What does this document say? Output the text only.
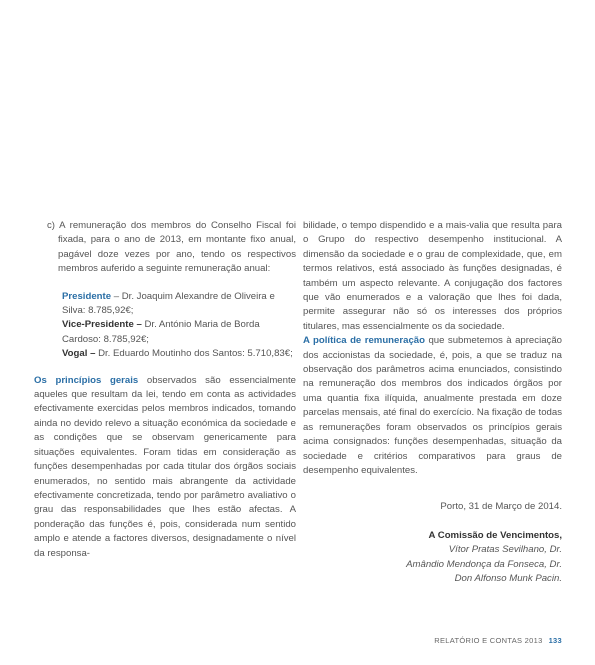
c) A remuneração dos membros do Conselho Fiscal foi fixada, para o ano de 2013, em montante fixo anual, pagável doze vezes por ano, tendo os respectivos membros auferido a seguinte remuneração anual:

Presidente – Dr. Joaquim Alexandre de Oliveira e Silva: 8.785,92€;

Vice-Presidente – Dr. António Maria de Borda Cardoso: 8.785,92€;

Vogal – Dr. Eduardo Moutinho dos Santos: 5.710,83€;

Os princípios gerais observados são essencialmente aqueles que resultam da lei, tendo em conta as actividades efectivamente exercidas pelos membros indicados, tomando ainda no devido relevo a situação económica da sociedade e as condições que se observam genericamente para situações equivalentes. Foram tidas em consideração as funções desempenhadas por cada titular dos órgãos sociais enumerados, no sentido mais abrangente da actividade efectivamente concretizada, tendo por parâmetro avaliativo o grau das responsabilidades que lhes estão afectas. A ponderação das funções é, pois, considerada num sentido amplo e atende a factores diversos, designadamente o nível da responsa-

bilidade, o tempo dispendido e a mais-valia que resulta para o Grupo do respectivo desempenho institucional. A dimensão da sociedade e o grau de complexidade, que, em termos relativos, está associado às funções designadas, é também um aspecto relevante. A conjugação dos factores que vão enumerados e a valoração que lhes foi dada, permite assegurar não só os interesses dos próprios titulares, mas essencialmente os da sociedade.

A política de remuneração que submetemos à apreciação dos accionistas da sociedade, é, pois, a que se traduz na observação dos parâmetros acima enunciados, consistindo na remuneração dos membros dos indicados órgãos por uma quantia fixa ilíquida, anualmente prestada em doze parcelas mensais, até final do exercício. Na fixação de todas as remunerações foram observados os princípios gerais acima consignados: funções desempenhadas, situação da sociedade e critérios comparativos para graus de desempenho equivalentes.

Porto, 31 de Março de 2014.
A Comissão de Vencimentos,
Vítor Pratas Sevilhano, Dr.
Amândio Mendonça da Fonseca, Dr.
Don Alfonso Munk Pacin.
RELATÓRIO E CONTAS 2013 133
